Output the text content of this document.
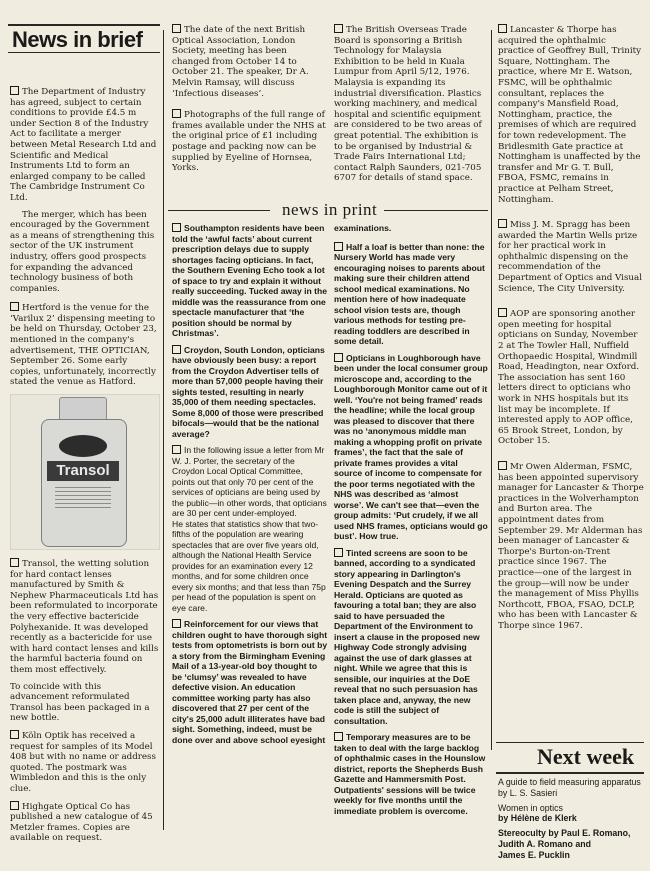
News in brief

The Department of Industry has agreed, subject to certain conditions to provide £4.5 m under Section 8 of the Industry Act to facilitate a merger between Metal Research Ltd and Scientific and Medical Instruments Ltd to form an enlarged company to be called The Cambridge Instrument Co Ltd.

The merger, which has been encouraged by the Government as a means of strengthening this sector of the UK instrument industry, offers good prospects for expanding the advanced technology business of both companies.

Hertford is the venue for the ‘Varilux 2’ dispensing meeting to be held on Thursday, October 23, mentioned in the company's advertisement, THE OPTICIAN, September 26. Some early copies, unfortunately, incorrectly stated the venue as Hatford.

Transol

Transol, the wetting solution for hard contact lenses manufactured by Smith & Nephew Pharmaceuticals Ltd has been reformulated to incorporate the very effective bactericide Polyhexanide. It was developed recently as a bactericide for use with hard contact lenses and kills the harmful bacteria found on them most effectively.

To coincide with this advancement reformulated Transol has been packaged in a new bottle.

Köln Optik has received a request for samples of its Model 408 but with no name or address quoted. The postmark was Wimbledon and this is the only clue.

Highgate Optical Co has published a new catalogue of 45 Metzler frames. Copies are available on request.

The date of the next British Optical Association, London Society, meeting has been changed from October 14 to October 21. The speaker, Dr A. Melvin Ramsay, will discuss ‘Infectious diseases’.

Photographs of the full range of frames available under the NHS at the original price of £1 including postage and packing now can be supplied by Eyeline of Hornsea, Yorks.

The British Overseas Trade Board is sponsoring a British Technology for Malaysia Exhibition to be held in Kuala Lumpur from April 5/12, 1976. Malaysia is expanding its industrial diversification. Plastics working machinery, and medical hospital and scientific equipment are considered to be two areas of great potential. The exhibition is to be organised by Industrial & Trade Fairs International Ltd; contact Ralph Saunders, 021-705 6707 for details of stand space.

news in print

Southampton residents have been told the ‘awful facts’ about current prescription delays due to supply shortages facing opticians. In fact, the Southern Evening Echo took a lot of space to try and explain it without really succeeding. Tucked away in the middle was the reassurance from one spectacle manufacturer that ‘the position should be normal by Christmas’.

Croydon, South London, opticians have obviously been busy: a report from the Croydon Advertiser tells of more than 57,000 people having their sights tested, resulting in nearly 35,000 of them needing spectacles. Some 8,000 of those were prescribed bifocals—would that be the national average?

In the following issue a letter from Mr W. J. Porter, the secretary of the Croydon Local Optical Committee, points out that only 70 per cent of the services of opticians are being used by the public—in other words, that opticians are 30 per cent under-employed.

He states that statistics show that two-fifths of the population are wearing spectacles that are over five years old, although the National Health Service provides for an examination every 12 months, and for some children once every six months; and that less than 75p per head of the population is spent on eye care.

Reinforcement for our views that children ought to have thorough sight tests from optometrists is born out by a story from the Birmingham Evening Mail of a 13-year-old boy thought to be ‘clumsy’ was revealed to have defective vision. An education committee working party has also discovered that 27 per cent of the city's 25,000 adult illiterates have bad sight. Something, indeed, must be done over and above school eyesight

examinations.

Half a loaf is better than none: the Nursery World has made very encouraging noises to parents about making sure their children attend school medical examinations. No mention here of how inadequate school vision tests are, though various methods for testing pre-reading toddlers are described in some detail.

Opticians in Loughborough have been under the local consumer group microscope and, according to the Loughborough Monitor came out of it well. ‘You're not being framed’ reads the headline; while the local group was pleased to discover that there was no ‘anonymous middle man making a whopping profit on private frames’, the fact that the sale of private frames provides a vital source of income to compensate for the poor terms negotiated with the NHS was described as ‘almost worse’. We can't see that—even the group admits: ‘Put crudely, if we all used NHS frames, opticians would go bust’. How true.

Tinted screens are soon to be banned, according to a syndicated story appearing in Darlington's Evening Despatch and the Surrey Herald. Opticians are quoted as favouring a total ban; they are also said to have persuaded the Department of the Environment to insert a clause in the proposed new Highway Code strongly advising against the use of dark glasses at night. While we agree that this is sensible, our inquiries at the DoE reveal that no such persuasion has taken place and, anyway, the new code is still the subject of consultation.

Temporary measures are to be taken to deal with the large backlog of ophthalmic cases in the Hounslow district, reports the Shepherds Bush Gazette and Hammersmith Post. Outpatients' sessions will be twice weekly for five months until the immediate problem is overcome.

Lancaster & Thorpe has acquired the ophthalmic practice of Geoffrey Bull, Trinity Square, Nottingham. The practice, where Mr E. Watson, FSMC, will be ophthalmic consultant, replaces the company's Mansfield Road, Nottingham, practice, the premises of which are required for town redevelopment. The Bridlesmith Gate practice at Nottingham is unaffected by the transfer and Mr G. T. Bull, FBOA, FSMC, remains in practice at Pelham Street, Nottingham.

Miss J. M. Spragg has been awarded the Martin Wells prize for her practical work in ophthalmic dispensing on the recommendation of the Department of Optics and Visual Science, The City University.

AOP are sponsoring another open meeting for hospital opticians on Sunday, November 2 at The Towler Hall, Nuffield Orthopaedic Hospital, Windmill Road, Headington, near Oxford. The association has sent 160 letters direct to opticians who work in NHS hospitals but its list may be incomplete. If interested apply to AOP office, 65 Brook Street, London, by October 15.

Mr Owen Alderman, FSMC, has been appointed supervisory manager for Lancaster & Thorpe practices in the Wolverhampton and Burton area. The appointment dates from September 29. Mr Alderman has been manager of Lancaster & Thorpe's Burton-on-Trent practice since 1967. The practice—one of the largest in the group—will now be under the management of Miss Phyllis Northcott, FBOA, FSAO, DCLP, who has been with Lancaster & Thorpe since 1967.

Next week
A guide to field measuring apparatus by L. S. Sasieri
Women in optics
by Hélène de Klerk
Stereoculty by Paul E. Romano,
Judith A. Romano and
James E. Pucklin
